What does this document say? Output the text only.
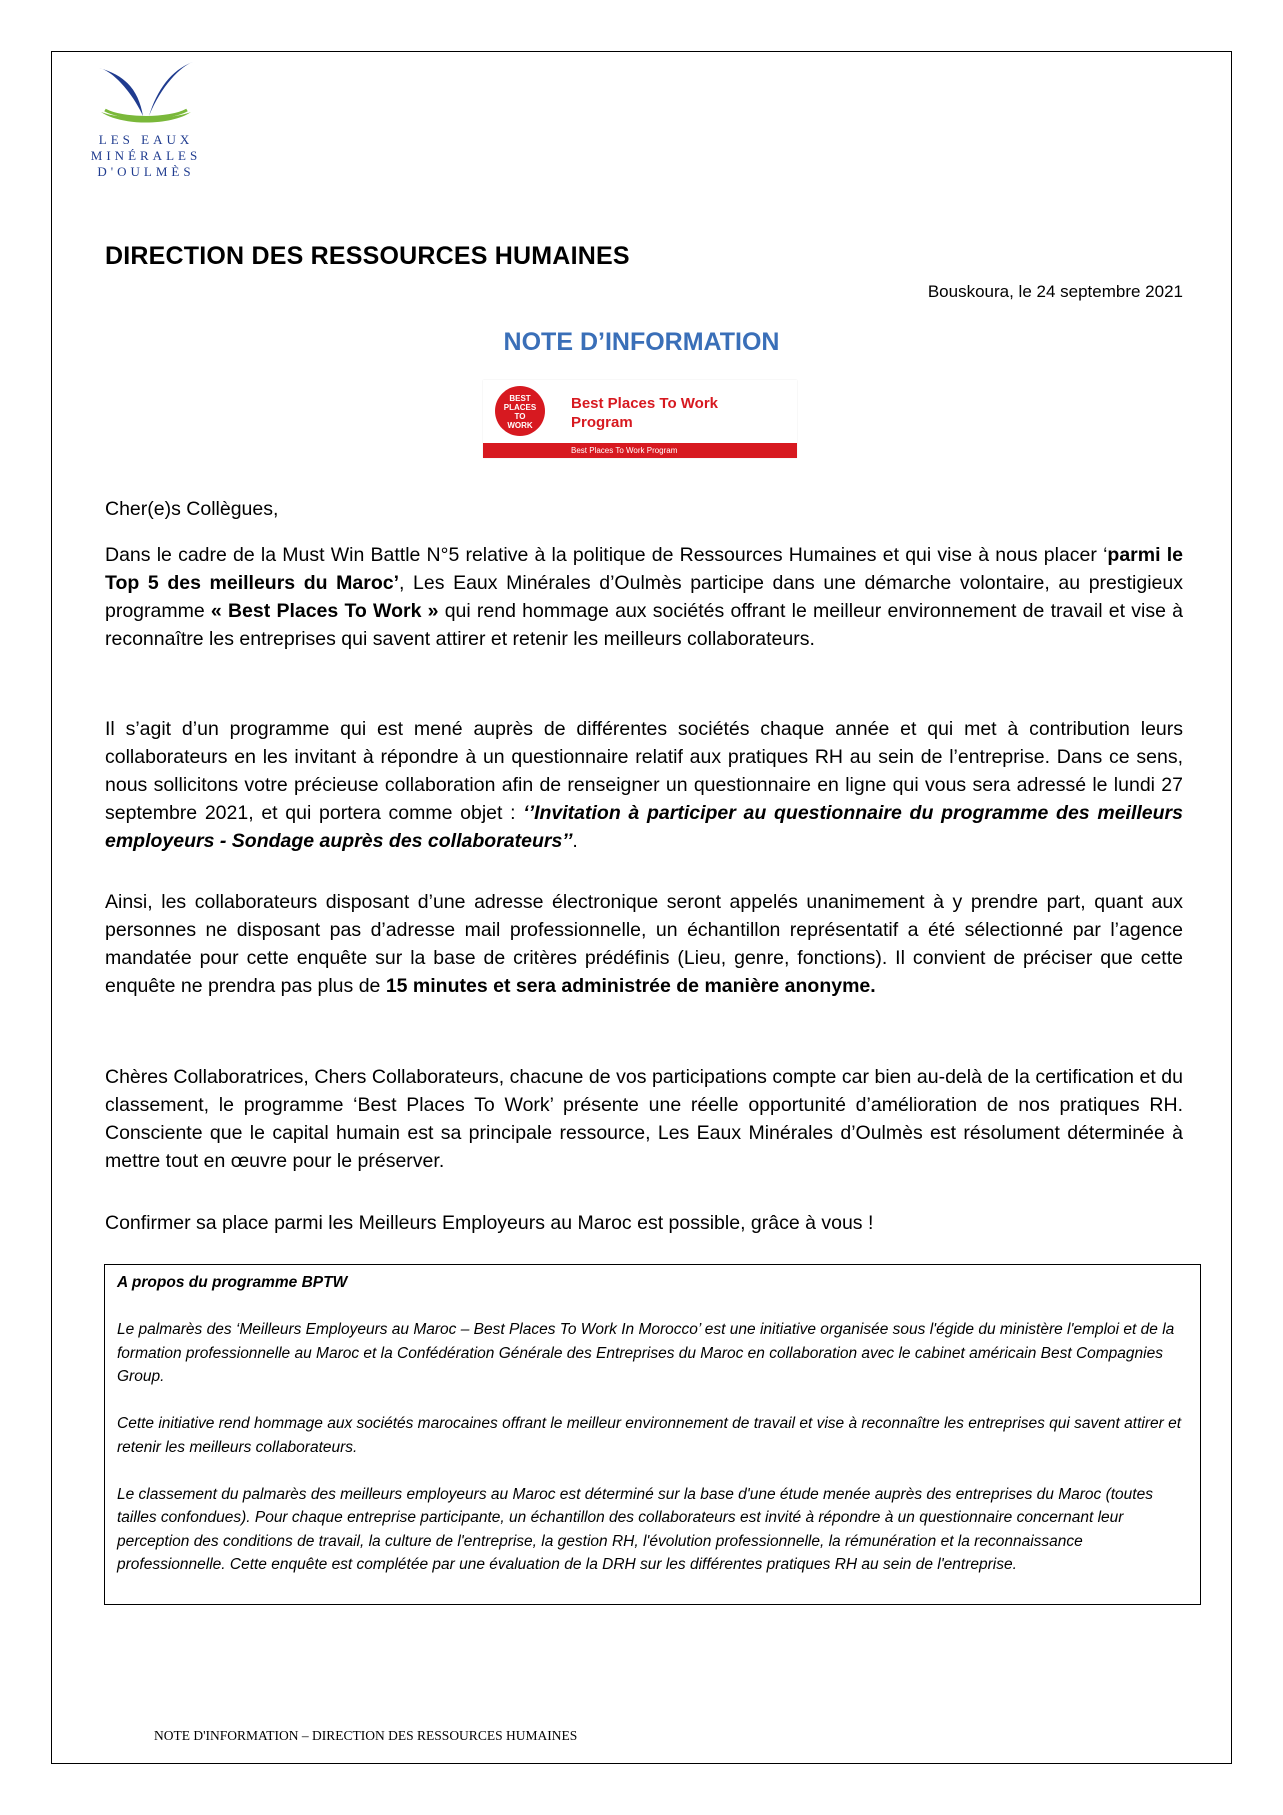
LES EAUX
MINÉRALES
D'OULMÈS
DIRECTION DES RESSOURCES HUMAINES
Bouskoura, le 24 septembre 2021
NOTE D’INFORMATION
BEST
PLACES
TO
WORK
Best Places To Work Program
Best Places To Work Program
Cher(e)s Collègues,

Dans le cadre de la Must Win Battle N°5 relative à la politique de Ressources Humaines et qui vise à nous placer ‘parmi le Top 5 des meilleurs du Maroc’, Les Eaux Minérales d’Oulmès participe dans une démarche volontaire, au prestigieux programme « Best Places To Work » qui rend hommage aux sociétés offrant le meilleur environnement de travail et vise à reconnaître les entreprises qui savent attirer et retenir les meilleurs collaborateurs.

Il s’agit d’un programme qui est mené auprès de différentes sociétés chaque année et qui met à contribution leurs collaborateurs en les invitant à répondre à un questionnaire relatif aux pratiques RH au sein de l’entreprise. Dans ce sens, nous sollicitons votre précieuse collaboration afin de renseigner un questionnaire en ligne qui vous sera adressé le lundi 27 septembre 2021, et qui portera comme objet : ‘’Invitation à participer au questionnaire du programme des meilleurs employeurs - Sondage auprès des collaborateurs’’.

Ainsi, les collaborateurs disposant d’une adresse électronique seront appelés unanimement à y prendre part, quant aux personnes ne disposant pas d’adresse mail professionnelle, un échantillon représentatif a été sélectionné par l’agence mandatée pour cette enquête sur la base de critères prédéfinis (Lieu, genre, fonctions). Il convient de préciser que cette enquête ne prendra pas plus de 15 minutes et sera administrée de manière anonyme.

Chères Collaboratrices, Chers Collaborateurs, chacune de vos participations compte car bien au-delà de la certification et du classement, le programme ‘Best Places To Work’ présente une réelle opportunité d’amélioration de nos pratiques RH. Consciente que le capital humain est sa principale ressource, Les Eaux Minérales d’Oulmès est résolument déterminée à mettre tout en œuvre pour le préserver.

Confirmer sa place parmi les Meilleurs Employeurs au Maroc est possible, grâce à vous !

A propos du programme BPTW

Le palmarès des ‘Meilleurs Employeurs au Maroc – Best Places To Work In Morocco’ est une initiative organisée sous l'égide du ministère l'emploi et de la formation professionnelle au Maroc et la Confédération Générale des Entreprises du Maroc en collaboration avec le cabinet américain Best Compagnies Group.

Cette initiative rend hommage aux sociétés marocaines offrant le meilleur environnement de travail et vise à reconnaître les entreprises qui savent attirer et retenir les meilleurs collaborateurs.

Le classement du palmarès des meilleurs employeurs au Maroc est déterminé sur la base d'une étude menée auprès des entreprises du Maroc (toutes tailles confondues). Pour chaque entreprise participante, un échantillon des collaborateurs est invité à répondre à un questionnaire concernant leur perception des conditions de travail, la culture de l'entreprise, la gestion RH, l'évolution professionnelle, la rémunération et la reconnaissance professionnelle. Cette enquête est complétée par une évaluation de la DRH sur les différentes pratiques RH au sein de l'entreprise.

NOTE D'INFORMATION – DIRECTION DES RESSOURCES HUMAINES
